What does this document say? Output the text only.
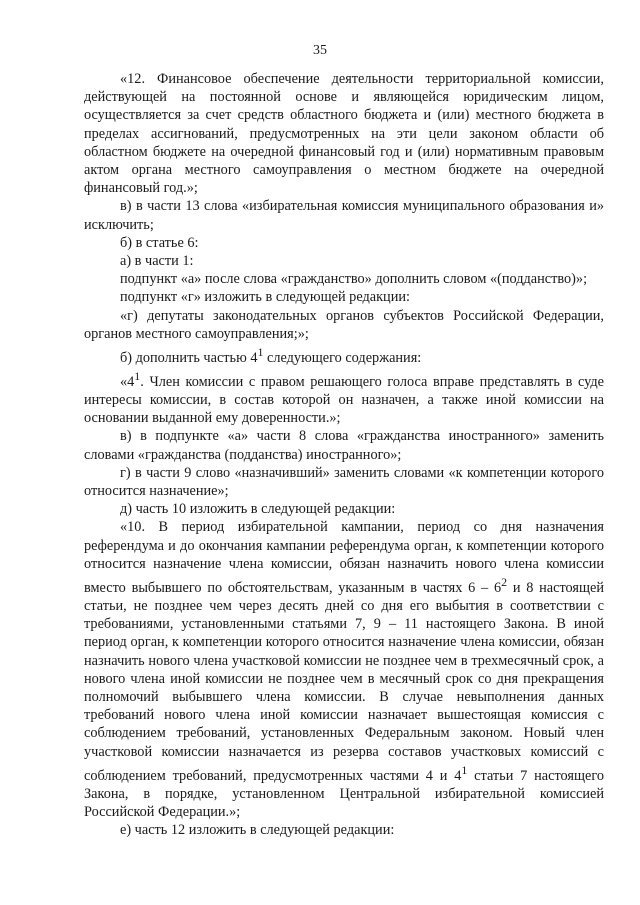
35

«12. Финансовое обеспечение деятельности территориальной комиссии, действующей на постоянной основе и являющейся юридическим лицом, осуществляется за счет средств областного бюджета и (или) местного бюджета в пределах ассигнований, предусмотренных на эти цели законом области об областном бюджете на очередной финансовый год и (или) нормативным правовым актом органа местного самоуправления о местном бюджете на очередной финансовый год.»;

в) в части 13 слова «избирательная комиссия муниципального образования и» исключить;

б) в статье 6:

а) в части 1:

подпункт «а» после слова «гражданство» дополнить словом «(подданство)»;

подпункт «г» изложить в следующей редакции:

«г) депутаты законодательных органов субъектов Российской Федерации, органов местного самоуправления;»;

б) дополнить частью $4^1$ следующего содержания:

«$4^1$. Член комиссии с правом решающего голоса вправе представлять в суде интересы комиссии, в состав которой он назначен, а также иной комиссии на основании выданной ему доверенности.»;

в) в подпункте «а» части 8 слова «гражданства иностранного» заменить словами «гражданства (подданства) иностранного»;

г) в части 9 слово «назначивший» заменить словами «к компетенции которого относится назначение»;

д) часть 10 изложить в следующей редакции:

«10. В период избирательной кампании, период со дня назначения референдума и до окончания кампании референдума орган, к компетенции которого относится назначение члена комиссии, обязан назначить нового члена комиссии вместо выбывшего по обстоятельствам, указанным в частях $6 - 6^2$ и 8 настоящей статьи, не позднее чем через десять дней со дня его выбытия в соответствии с требованиями, установленными статьями 7, 9 – 11 настоящего Закона. В иной период орган, к компетенции которого относится назначение члена комиссии, обязан назначить нового члена участковой комиссии не позднее чем в трехмесячный срок, а нового члена иной комиссии не позднее чем в месячный срок со дня прекращения полномочий выбывшего члена комиссии. В случае невыполнения данных требований нового члена иной комиссии назначает вышестоящая комиссия с соблюдением требований, установленных Федеральным законом. Новый член участковой комиссии назначается из резерва составов участковых комиссий с соблюдением требований, предусмотренных частями 4 и $4^1$ статьи 7 настоящего Закона, в порядке, установленном Центральной избирательной комиссией Российской Федерации.»;

е) часть 12 изложить в следующей редакции:
